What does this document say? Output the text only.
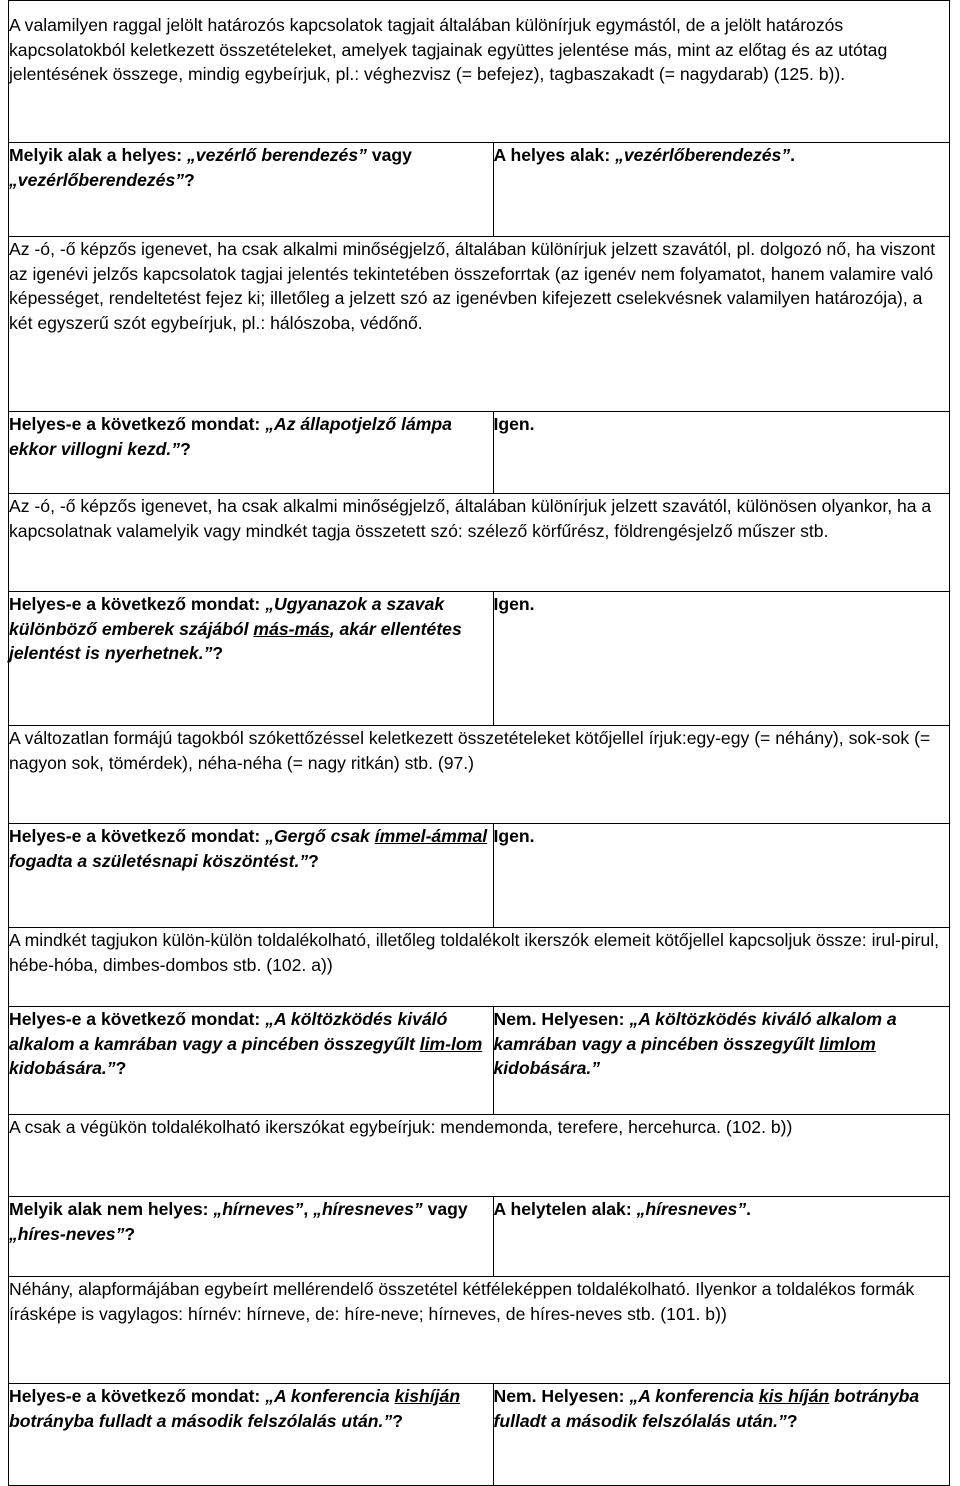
A valamilyen raggal jelölt határozós kapcsolatok tagjait általában különírjuk egymástól, de a jelölt határozós kapcsolatokból keletkezett összetételeket, amelyek tagjainak együttes jelentése más, mint az előtag és az utótag jelentésének összege, mindig egybeírjuk, pl.: véghezvisz (= befejez), tagbaszakadt (= nagydarab) (125. b)).	
Melyik alak a helyes: „vezérlő berendezés” vagy „vezérlőberendezés”?	A helyes alak: „vezérlőberendezés”.
Az -ó, -ő képzős igenevet, ha csak alkalmi minőségjelző, általában különírjuk jelzett szavától, pl. dolgozó nő, ha viszont az igenévi jelzős kapcsolatok tagjai jelentés tekintetében összeforrtak (az igenév nem folyamatot, hanem valamire való képességet, rendeltetést fejez ki; illetőleg a jelzett szó az igenévben kifejezett cselekvésnek valamilyen határozója), a két egyszerű szót egybeírjuk, pl.: hálószoba, védőnő.	
Helyes-e a következő mondat: „Az állapotjelző lámpa ekkor villogni kezd.”?	Igen.
Az -ó, -ő képzős igenevet, ha csak alkalmi minőségjelző, általában különírjuk jelzett szavától, különösen olyankor, ha a kapcsolatnak valamelyik vagy mindkét tagja összetett szó: szélező körfűrész, földrengésjelző műszer stb.	
Helyes-e a következő mondat: „Ugyanazok a szavak különböző emberek szájából más-más, akár ellentétes jelentést is nyerhetnek.”?	Igen.
A változatlan formájú tagokból szókettőzéssel keletkezett összetételeket kötőjellel írjuk:egy-egy (= néhány), sok-sok (= nagyon sok, tömérdek), néha-néha (= nagy ritkán) stb. (97.)	
Helyes-e a következő mondat: „Gergő csak ímmel-ámmal fogadta a születésnapi köszöntést.”?	Igen.
A mindkét tagjukon külön-külön toldalékolható, illetőleg toldalékolt ikerszók elemeit kötőjellel kapcsoljuk össze: irul-pirul, hébe-hóba, dimbes-dombos stb. (102. a))	
Helyes-e a következő mondat: „A költözködés kiváló alkalom a kamrában vagy a pincében összegyűlt lim-lom kidobására.”?	Nem. Helyesen: „A költözködés kiváló alkalom a kamrában vagy a pincében összegyűlt limlom kidobására.”
A csak a végükön toldalékolható ikerszókat egybeírjuk: mendemonda, terefere, hercehurca. (102. b))	
Melyik alak nem helyes: „hírneves”, „híresneves” vagy „híres-neves”?	A helytelen alak: „híresneves”.
Néhány, alapformájában egybeírt mellérendelő összetétel kétféleképpen toldalékolható. Ilyenkor a toldalékos formák írásképe is vagylagos: hírnév: hírneve, de: híre-neve; hírneves, de híres-neves stb. (101. b))	
Helyes-e a következő mondat: „A konferencia kishíján botrányba fulladt a második felszólalás után.”?	Nem. Helyesen: „A konferencia kis híján botrányba fulladt a második felszólalás után.”?
